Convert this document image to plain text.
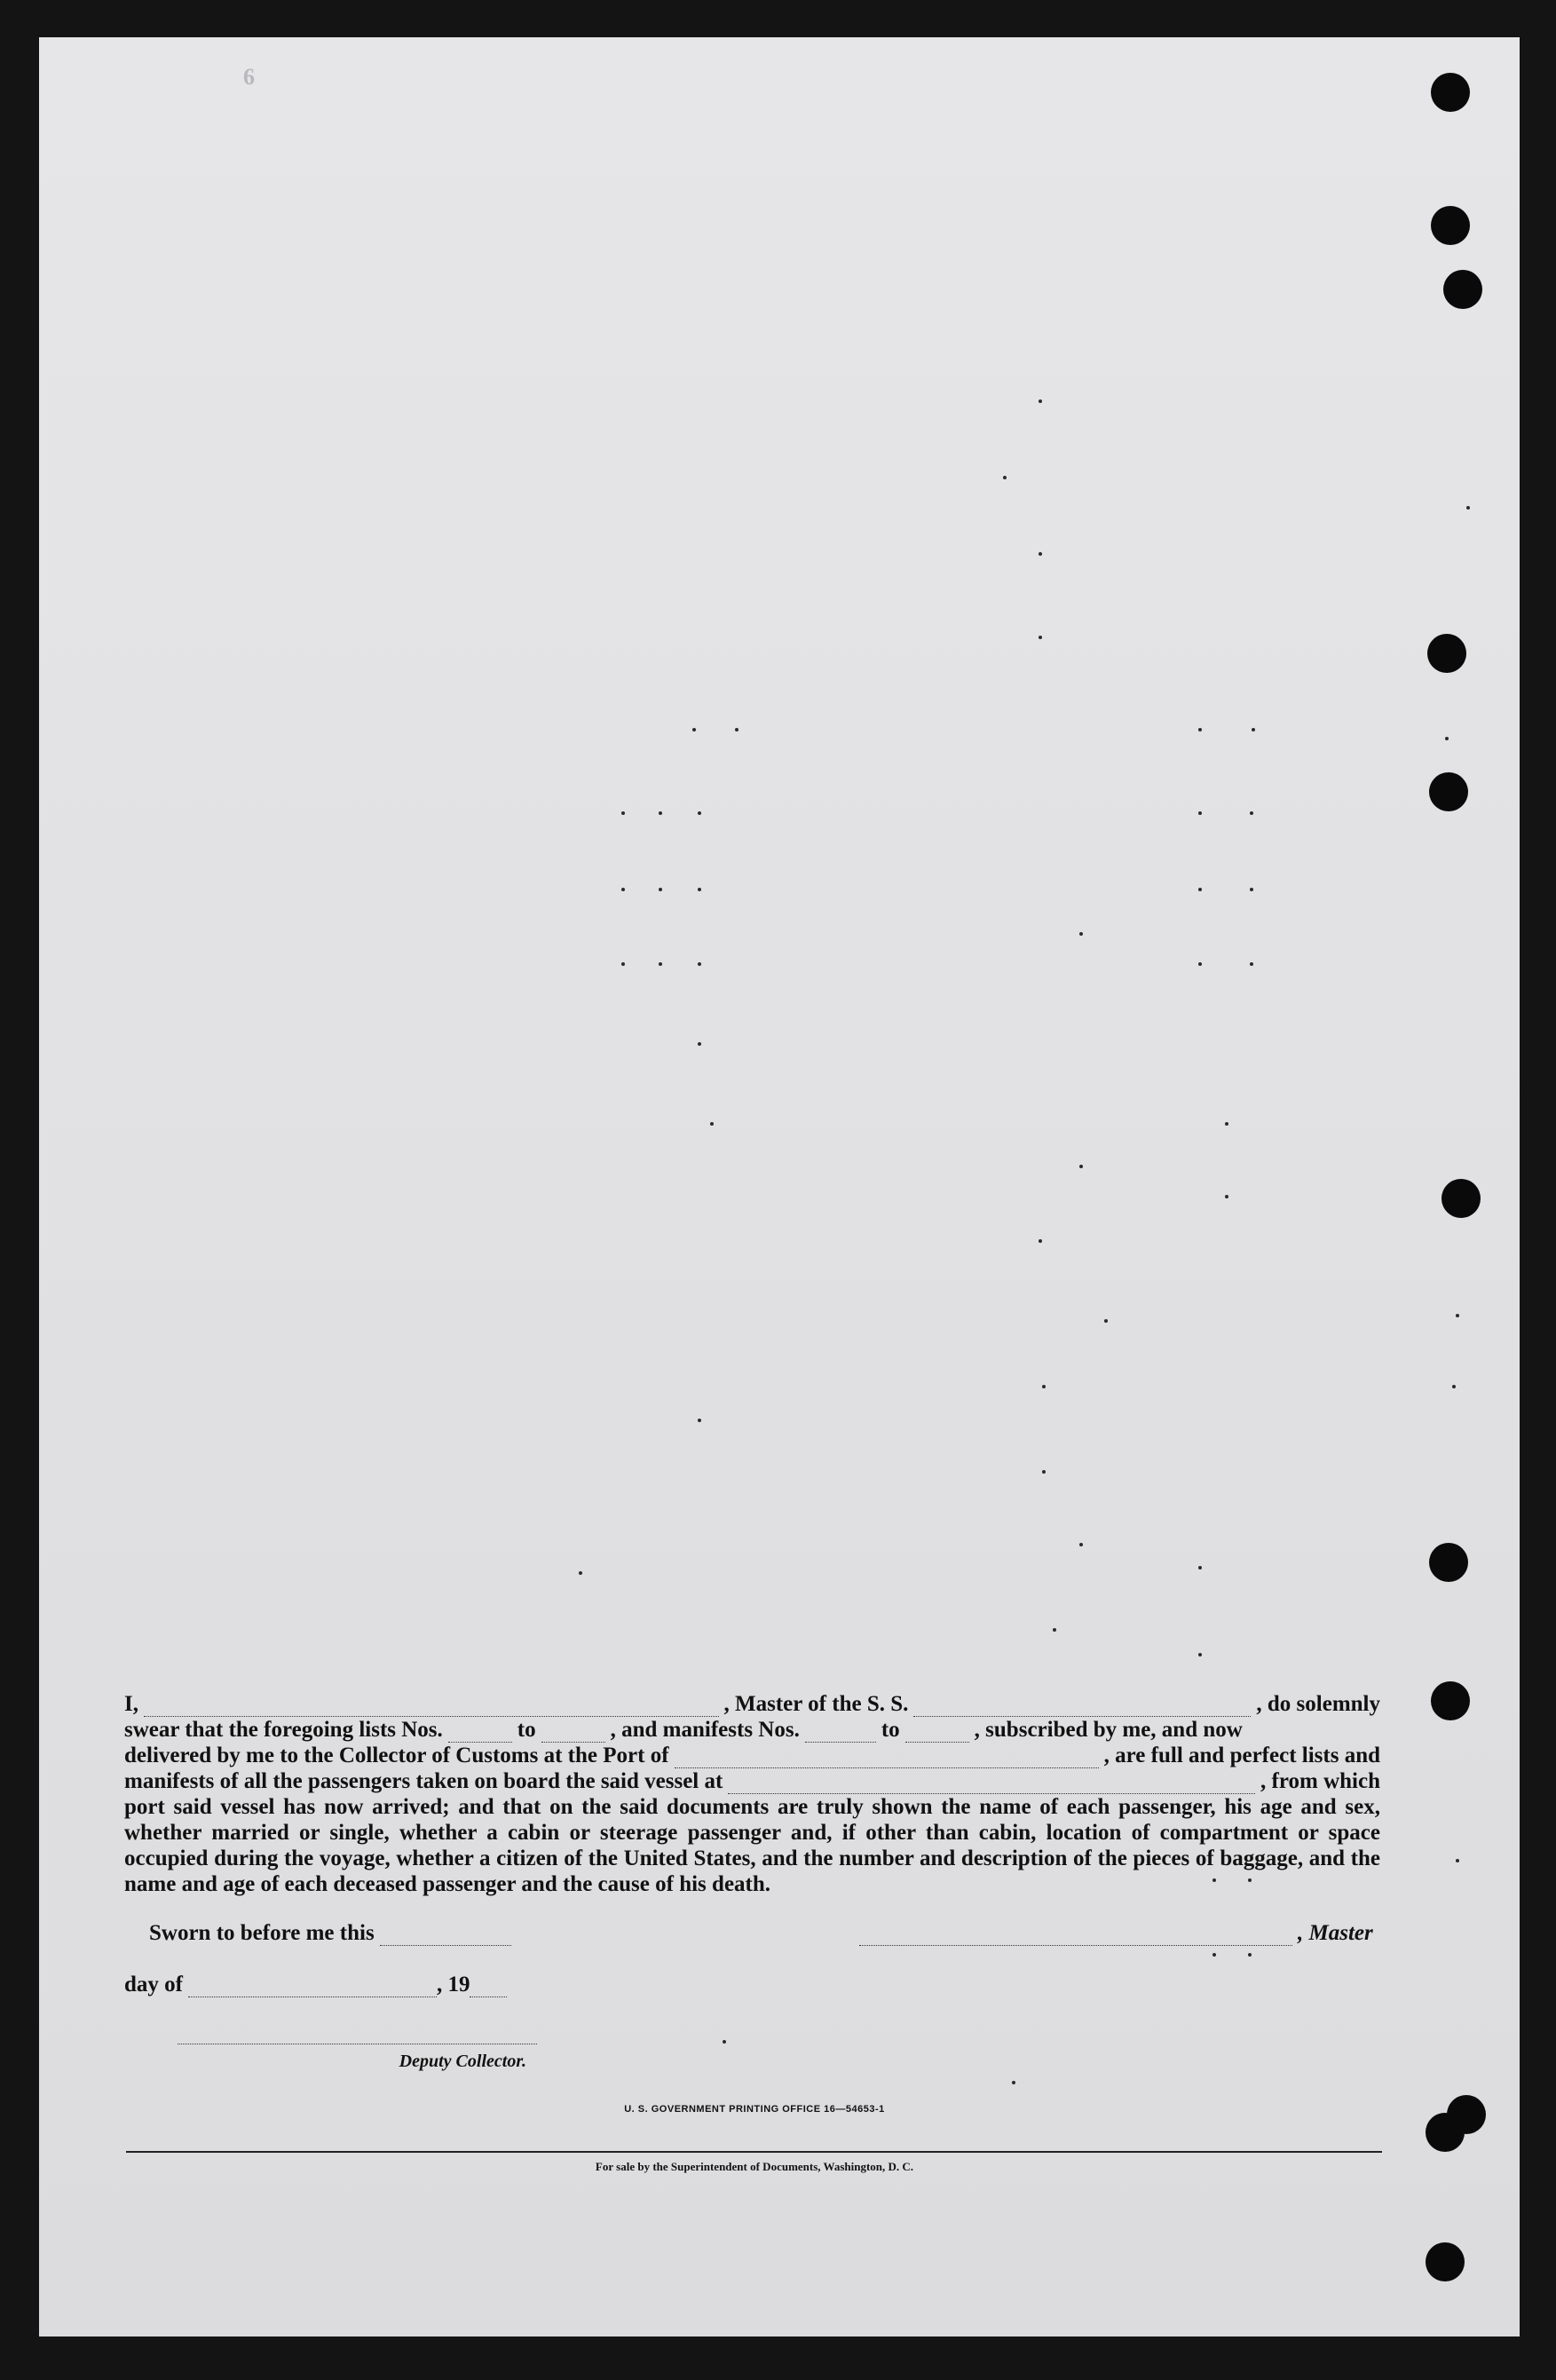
6
I,	, Master of the S. S.	, do solemnly
swear that the foregoing lists Nos.	to	, and manifests Nos.	to	, subscribed by me, and now
delivered by me to the Collector of Customs at the Port of	, are full and perfect lists and
manifests of all the passengers taken on board the said vessel at	, from which
port said vessel has now arrived; and that on the said documents are truly shown the name of each passenger, his age and sex, whether married or single, whether a cabin or steerage passenger and, if other than cabin, location of compartment or space occupied during the voyage, whether a citizen of the United States, and the number and description of the pieces of baggage, and the name and age of each deceased passenger and the cause of his death.
Sworn to before me this	, Master
day of	, 19
Deputy Collector.
U. S. GOVERNMENT PRINTING OFFICE 16—54653-1
For sale by the Superintendent of Documents, Washington, D. C.
